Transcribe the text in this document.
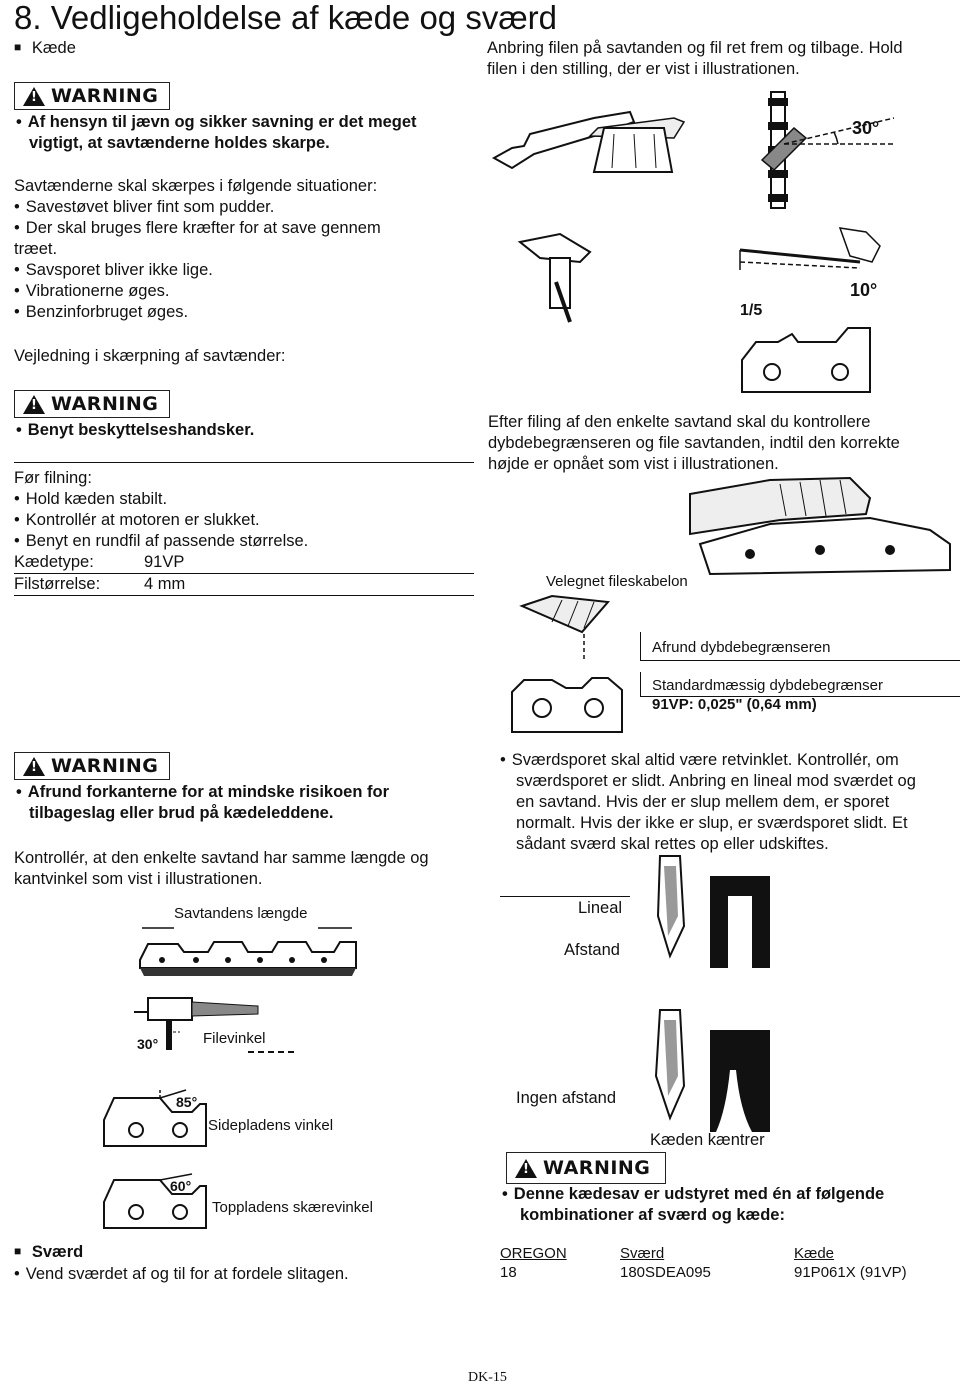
8. Vedligeholdelse af kæde og sværd
■ Kæde
!
WARNING
• Af hensyn til jævn og sikker savning er det meget
vigtigt, at savtænderne holdes skarpe.
Savtænderne skal skærpes i følgende situationer:
• Savestøvet bliver fint som pudder.
• Der skal bruges flere kræfter for at save gennem
træet.
• Savsporet bliver ikke lige.
• Vibrationerne øges.
• Benzinforbruget øges.
Vejledning i skærpning af savtænder:
!
WARNING
• Benyt beskyttelseshandsker.
Før filning:
• Hold kæden stabilt.
• Kontrollér at motoren er slukket.
• Benyt en rundfil af passende størrelse.
Kædetype:	91VP
Filstørrelse:	4 mm
!
WARNING
• Afrund forkanterne for at mindske risikoen for
tilbageslag eller brud på kædeleddene.
Kontrollér, at den enkelte savtand har samme længde og
kantvinkel som vist i illustrationen.
Savtandens længde
30°	Filevinkel
85°
Sidepladens vinkel
60°
Toppladens skærevinkel
■ Sværd
• Vend sværdet af og til for at fordele slitagen.
Anbring filen på savtanden og fil ret frem og tilbage. Hold
filen i den stilling, der er vist i illustrationen.
30°
10°
1/5
Efter filing af den enkelte savtand skal du kontrollere
dybdebegrænseren og file savtanden, indtil den korrekte
højde er opnået som vist i illustrationen.
Velegnet fileskabelon
Afrund dybdebegrænseren
Standardmæssig dybdebegrænser
91VP: 0,025" (0,64 mm)
• Sværdsporet skal altid være retvinklet. Kontrollér, om
sværdsporet er slidt. Anbring en lineal mod sværdet og
en savtand. Hvis der er slup mellem dem, er sporet
normalt. Hvis der ikke er slup, er sværdsporet slidt. Et
sådant sværd skal rettes op eller udskiftes.
Lineal
Afstand
Ingen afstand
Kæden kæntrer
!
WARNING
• Denne kædesav er udstyret med én af følgende
kombinationer af sværd og kæde:
OREGON	Sværd	Kæde
18	180SDEA095	91P061X (91VP)
DK-15
